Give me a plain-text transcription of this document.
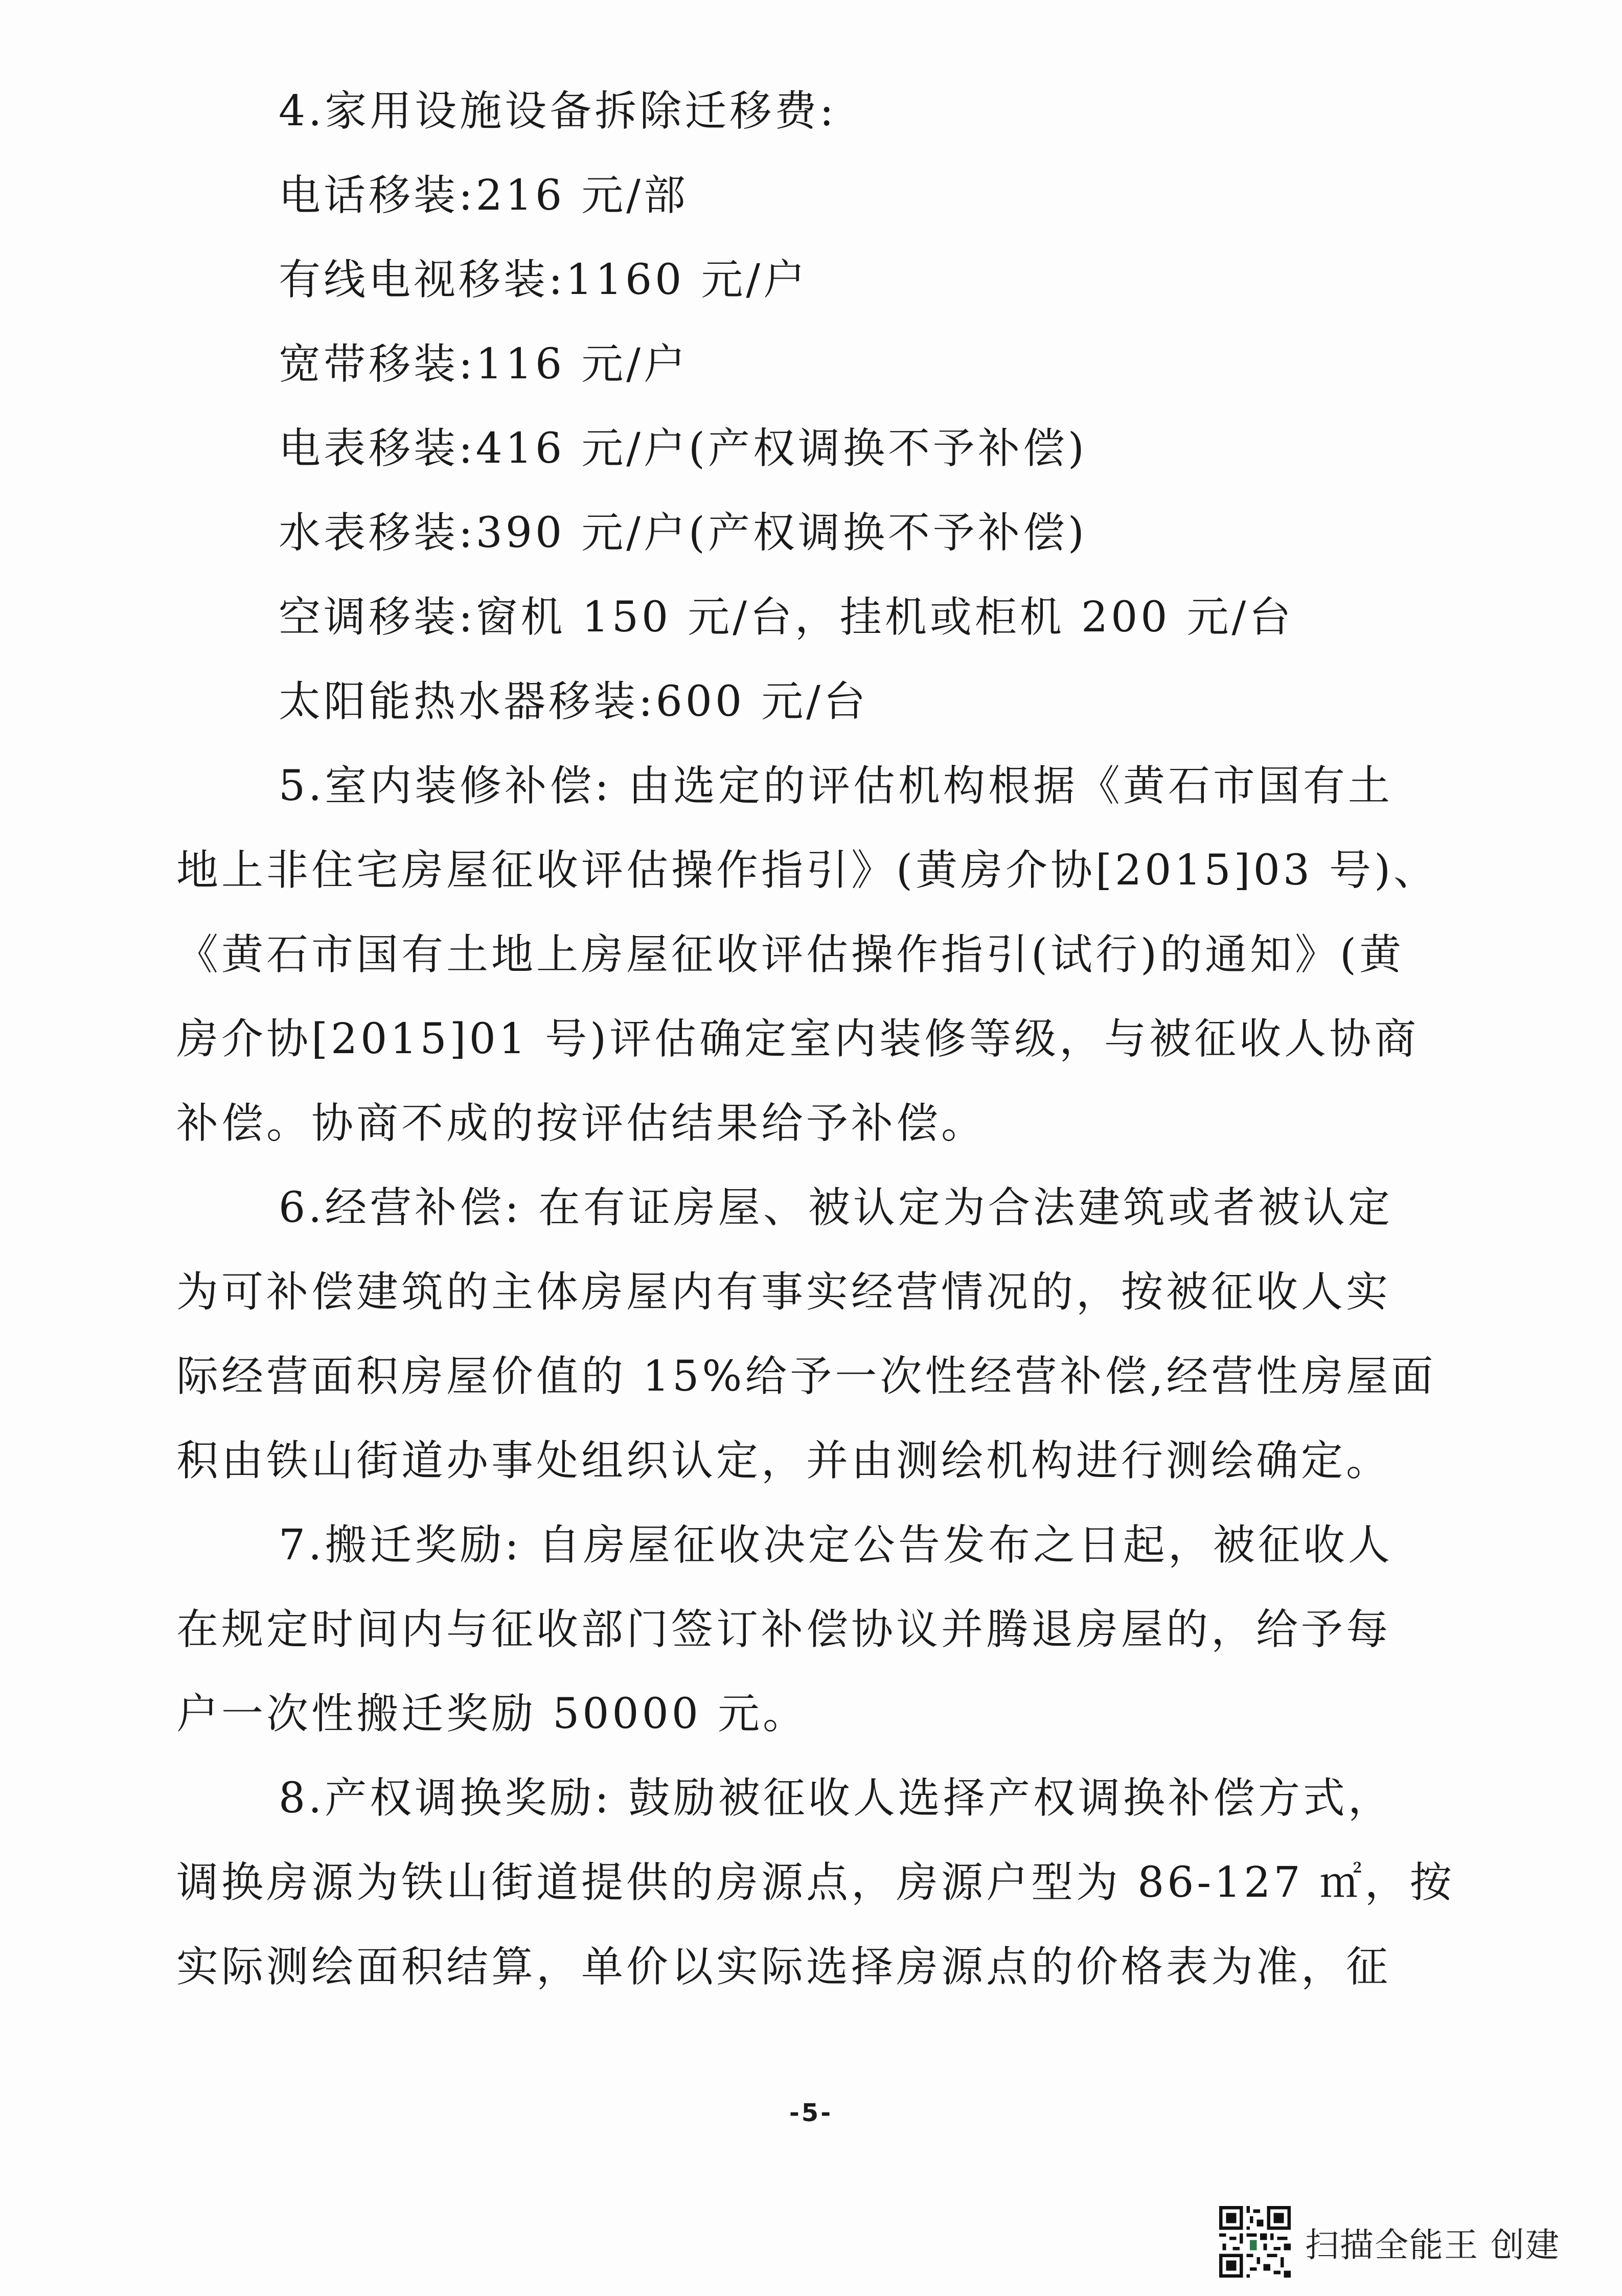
4.家用设施设备拆除迁移费:
电话移装:216 元/部
有线电视移装:1160 元/户
宽带移装:116 元/户
电表移装:416 元/户(产权调换不予补偿)
水表移装:390 元/户(产权调换不予补偿)
空调移装:窗机 150 元/台，挂机或柜机 200 元/台
太阳能热水器移装:600 元/台
5.室内装修补偿: 由选定的评估机构根据《黄石市国有土
地上非住宅房屋征收评估操作指引》(黄房介协[2015]03 号)、
《黄石市国有土地上房屋征收评估操作指引(试行)的通知》(黄
房介协[2015]01 号)评估确定室内装修等级，与被征收人协商
补偿。协商不成的按评估结果给予补偿。
6.经营补偿: 在有证房屋、被认定为合法建筑或者被认定
为可补偿建筑的主体房屋内有事实经营情况的，按被征收人实
际经营面积房屋价值的 15%给予一次性经营补偿,经营性房屋面
积由铁山街道办事处组织认定，并由测绘机构进行测绘确定。
7.搬迁奖励: 自房屋征收决定公告发布之日起，被征收人
在规定时间内与征收部门签订补偿协议并腾退房屋的，给予每
户一次性搬迁奖励 50000 元。
8.产权调换奖励: 鼓励被征收人选择产权调换补偿方式，
调换房源为铁山街道提供的房源点，房源户型为 86-127 ㎡，按
实际测绘面积结算，单价以实际选择房源点的价格表为准，征
-5-
扫描全能王 创建
